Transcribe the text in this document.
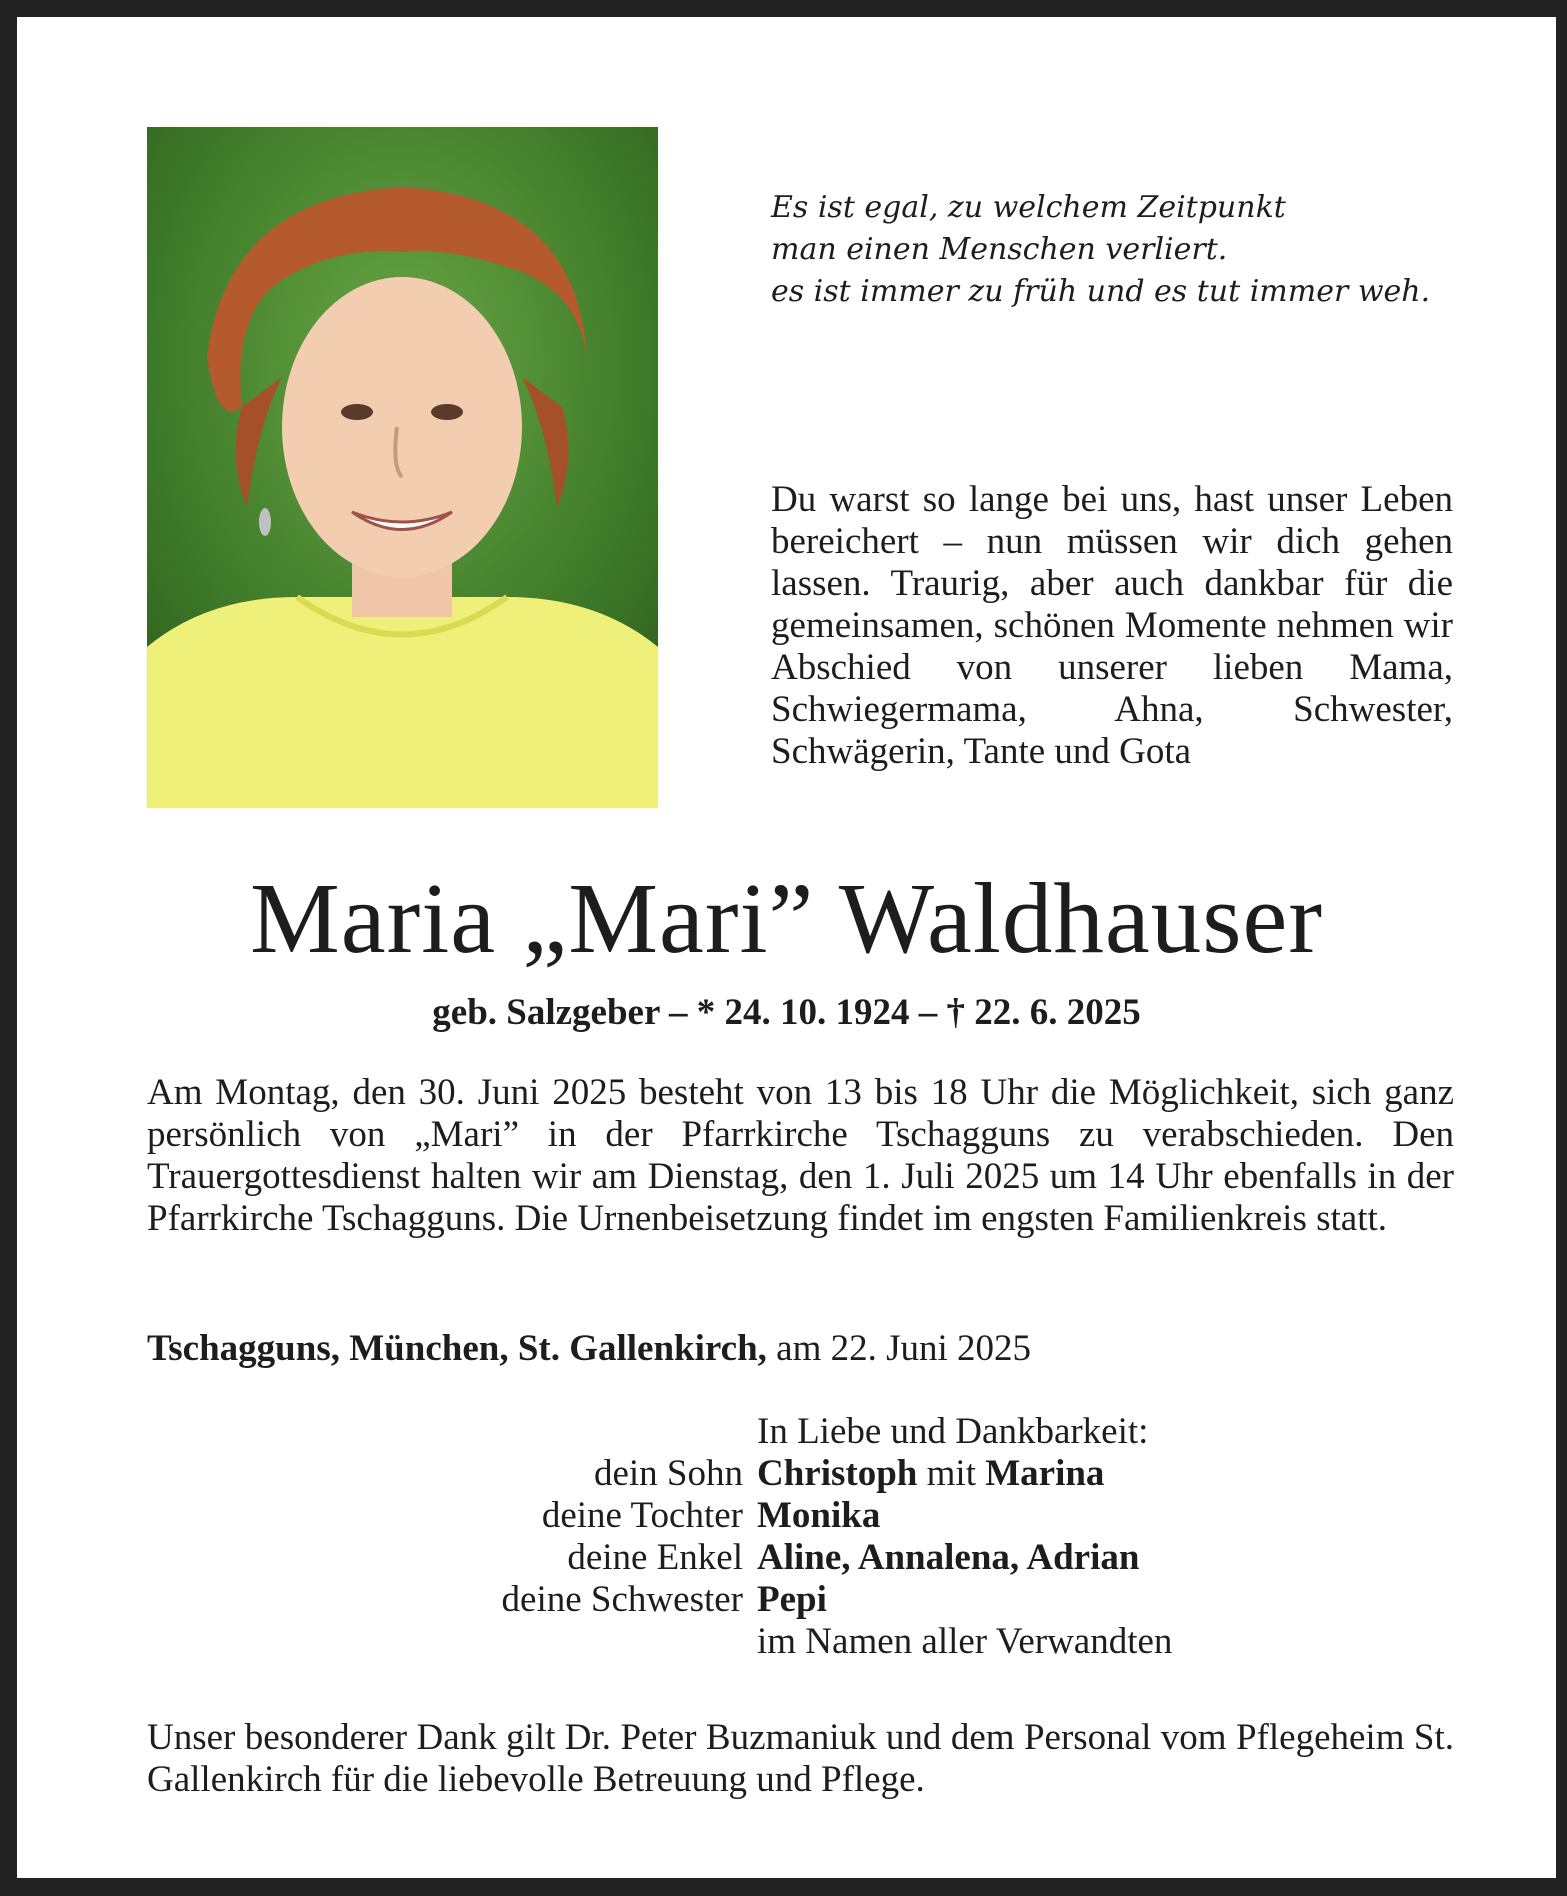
Es ist egal, zu welchem Zeitpunkt
man einen Menschen verliert.
es ist immer zu früh und es tut immer weh.
Du warst so lange bei uns, hast unser Leben bereichert – nun müssen wir dich gehen lassen. Traurig, aber auch dankbar für die gemeinsamen, schönen Momente nehmen wir Abschied von unserer lieben Mama, Schwiegermama, Ahna, Schwester, Schwägerin, Tante und Gota
Maria „Mari” Waldhauser
geb. Salzgeber – * 24. 10. 1924 – † 22. 6. 2025
Am Montag, den 30. Juni 2025 besteht von 13 bis 18 Uhr die Möglichkeit, sich ganz persönlich von „Mari” in der Pfarrkirche Tschagguns zu verabschieden. Den Trauergottesdienst halten wir am Dienstag, den 1. Juli 2025 um 14 Uhr ebenfalls in der Pfarrkirche Tschagguns. Die Urnenbeisetzung findet im engsten Familienkreis statt.
Tschagguns, München, St. Gallenkirch, am 22. Juni 2025
In Liebe und Dankbarkeit:
dein Sohn Christoph mit Marina
deine Tochter Monika
deine Enkel Aline, Annalena, Adrian
deine Schwester Pepi
im Namen aller Verwandten
Unser besonderer Dank gilt Dr. Peter Buzmaniuk und dem Personal vom Pflegeheim St. Gallenkirch für die liebevolle Betreuung und Pflege.
